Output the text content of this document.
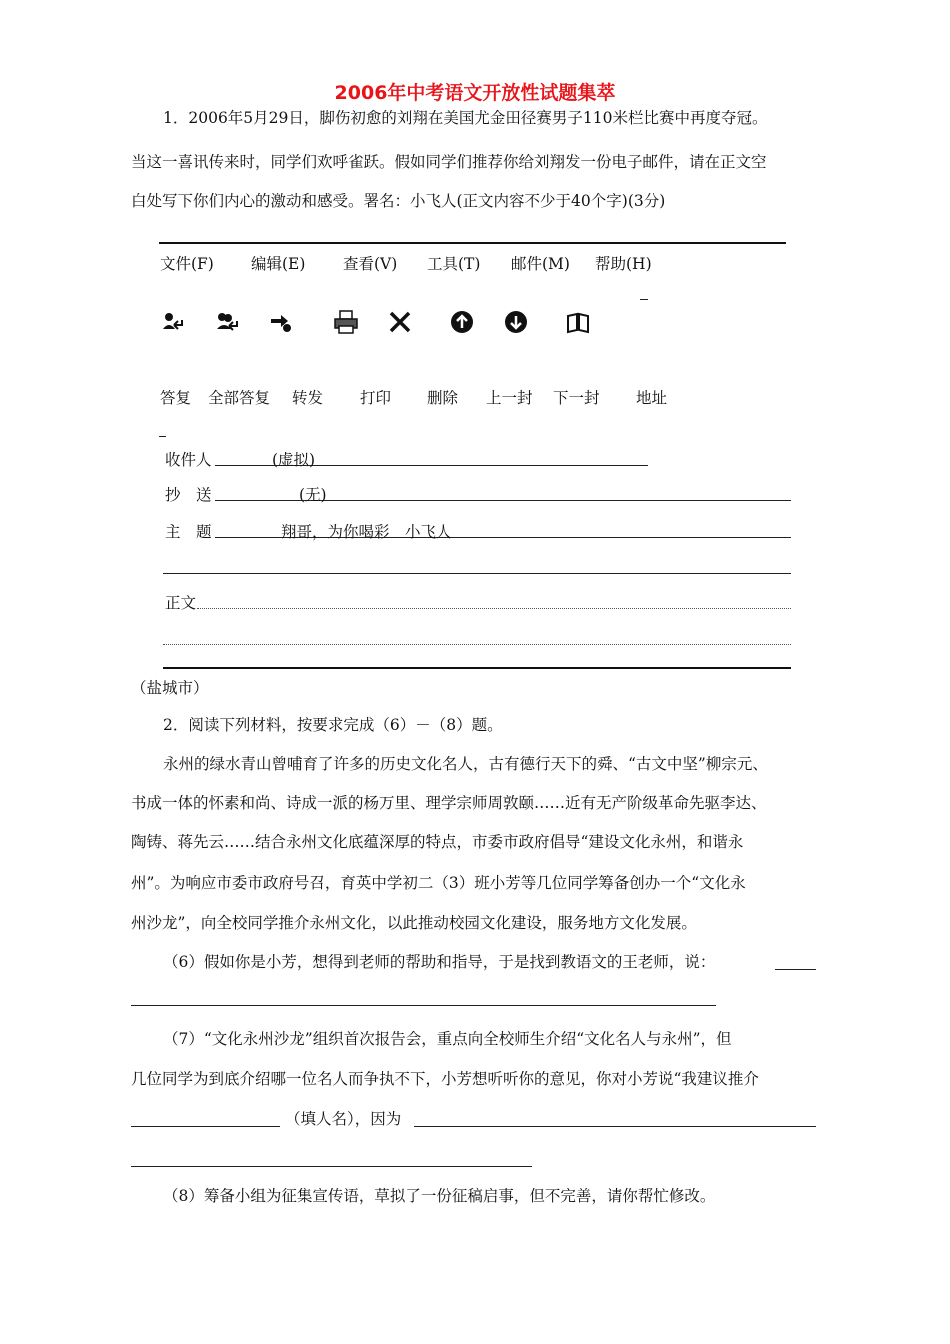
2006年中考语文开放性试题集萃
1．2006年5月29日，脚伤初愈的刘翔在美国尤金田径赛男子110米栏比赛中再度夺冠。
当这一喜讯传来时，同学们欢呼雀跃。假如同学们推荐你给刘翔发一份电子邮件，请在正文空
白处写下你们内心的激动和感受。署名：小飞人(正文内容不少于40个字)(3分)
文件(F) 编辑(E) 查看(V) 工具(T) 邮件(M) 帮助(H)
答复 全部答复 转发 打印 删除 上一封 下一封 地址
收件人	(虚拟)
抄　送	(无)
主　题	翔哥，为你喝彩　小飞人
正文
（盐城市）
2．阅读下列材料，按要求完成（6）－（8）题。
永州的绿水青山曾哺育了许多的历史文化名人，古有德行天下的舜、“古文中坚”柳宗元、
书成一体的怀素和尚、诗成一派的杨万里、理学宗师周敦颐……近有无产阶级革命先驱李达、
陶铸、蒋先云……结合永州文化底蕴深厚的特点，市委市政府倡导“建设文化永州，和谐永
州”。为响应市委市政府号召，育英中学初二（3）班小芳等几位同学筹备创办一个“文化永
州沙龙”，向全校同学推介永州文化，以此推动校园文化建设，服务地方文化发展。
（6）假如你是小芳，想得到老师的帮助和指导，于是找到教语文的王老师，说：
（7）“文化永州沙龙”组织首次报告会，重点向全校师生介绍“文化名人与永州”，但
几位同学为到底介绍哪一位名人而争执不下，小芳想听听你的意见，你对小芳说“我建议推介
（填人名），因为
（8）筹备小组为征集宣传语，草拟了一份征稿启事，但不完善，请你帮忙修改。
